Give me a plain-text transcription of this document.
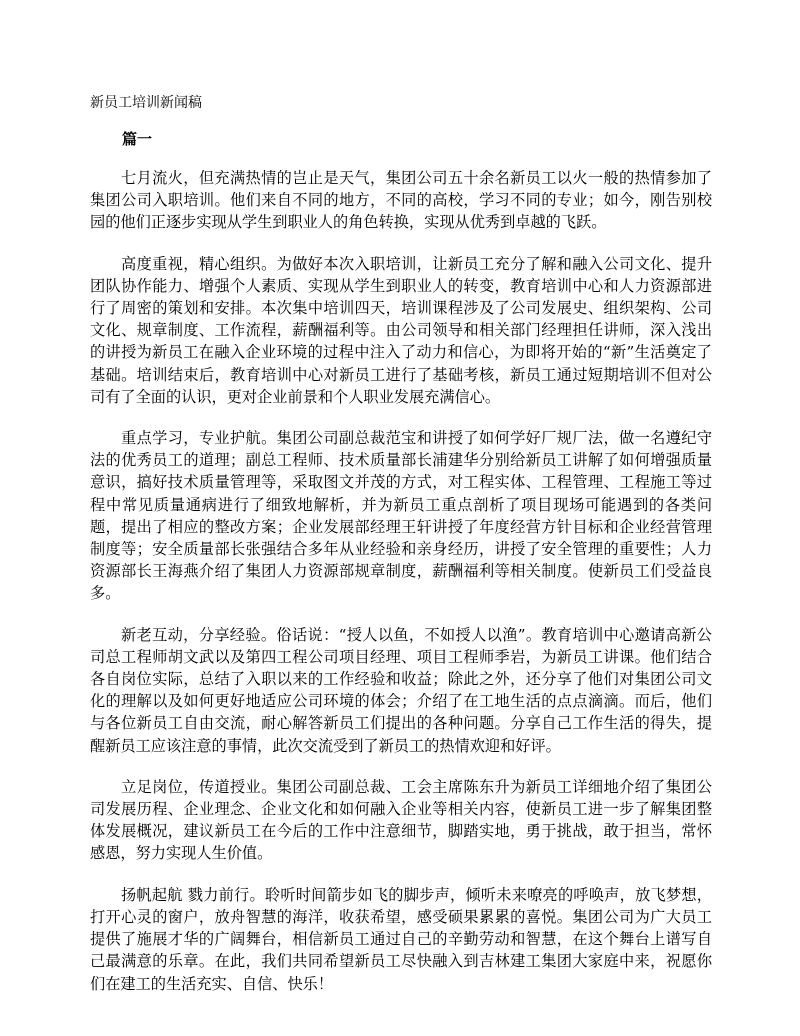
新员工培训新闻稿
篇一

七月流火，但充满热情的岂止是天气，集团公司五十余名新员工以火一般的热情参加了集团公司入职培训。他们来自不同的地方，不同的高校，学习不同的专业；如今，刚告别校园的他们正逐步实现从学生到职业人的角色转换，实现从优秀到卓越的飞跃。

高度重视，精心组织。为做好本次入职培训，让新员工充分了解和融入公司文化、提升团队协作能力、增强个人素质、实现从学生到职业人的转变，教育培训中心和人力资源部进行了周密的策划和安排。本次集中培训四天，培训课程涉及了公司发展史、组织架构、公司文化、规章制度、工作流程，薪酬福利等。由公司领导和相关部门经理担任讲师，深入浅出的讲授为新员工在融入企业环境的过程中注入了动力和信心，为即将开始的“新”生活奠定了基础。培训结束后，教育培训中心对新员工进行了基础考核，新员工通过短期培训不但对公司有了全面的认识，更对企业前景和个人职业发展充满信心。

重点学习，专业护航。集团公司副总裁范宝和讲授了如何学好厂规厂法，做一名遵纪守法的优秀员工的道理；副总工程师、技术质量部长浦建华分别给新员工讲解了如何增强质量意识，搞好技术质量管理等，采取图文并茂的方式，对工程实体、工程管理、工程施工等过程中常见质量通病进行了细致地解析，并为新员工重点剖析了项目现场可能遇到的各类问题，提出了相应的整改方案；企业发展部经理王轩讲授了年度经营方针目标和企业经营管理制度等；安全质量部长张强结合多年从业经验和亲身经历，讲授了安全管理的重要性；人力资源部长王海燕介绍了集团人力资源部规章制度，薪酬福利等相关制度。使新员工们受益良多。

新老互动，分享经验。俗话说：“授人以鱼，不如授人以渔”。教育培训中心邀请高新公司总工程师胡文武以及第四工程公司项目经理、项目工程师季岩，为新员工讲课。他们结合各自岗位实际，总结了入职以来的工作经验和收益；除此之外，还分享了他们对集团公司文化的理解以及如何更好地适应公司环境的体会；介绍了在工地生活的点点滴滴。而后，他们与各位新员工自由交流，耐心解答新员工们提出的各种问题。分享自己工作生活的得失，提醒新员工应该注意的事情，此次交流受到了新员工的热情欢迎和好评。

立足岗位，传道授业。集团公司副总裁、工会主席陈东升为新员工详细地介绍了集团公司发展历程、企业理念、企业文化和如何融入企业等相关内容，使新员工进一步了解集团整体发展概况，建议新员工在今后的工作中注意细节，脚踏实地，勇于挑战，敢于担当，常怀感恩，努力实现人生价值。

扬帆起航 戮力前行。聆听时间箭步如飞的脚步声，倾听未来嘹亮的呼唤声，放飞梦想，打开心灵的窗户，放舟智慧的海洋，收获希望，感受硕果累累的喜悦。集团公司为广大员工提供了施展才华的广阔舞台，相信新员工通过自己的辛勤劳动和智慧，在这个舞台上谱写自己最满意的乐章。在此，我们共同希望新员工尽快融入到吉林建工集团大家庭中来，祝愿你们在建工的生活充实、自信、快乐！
